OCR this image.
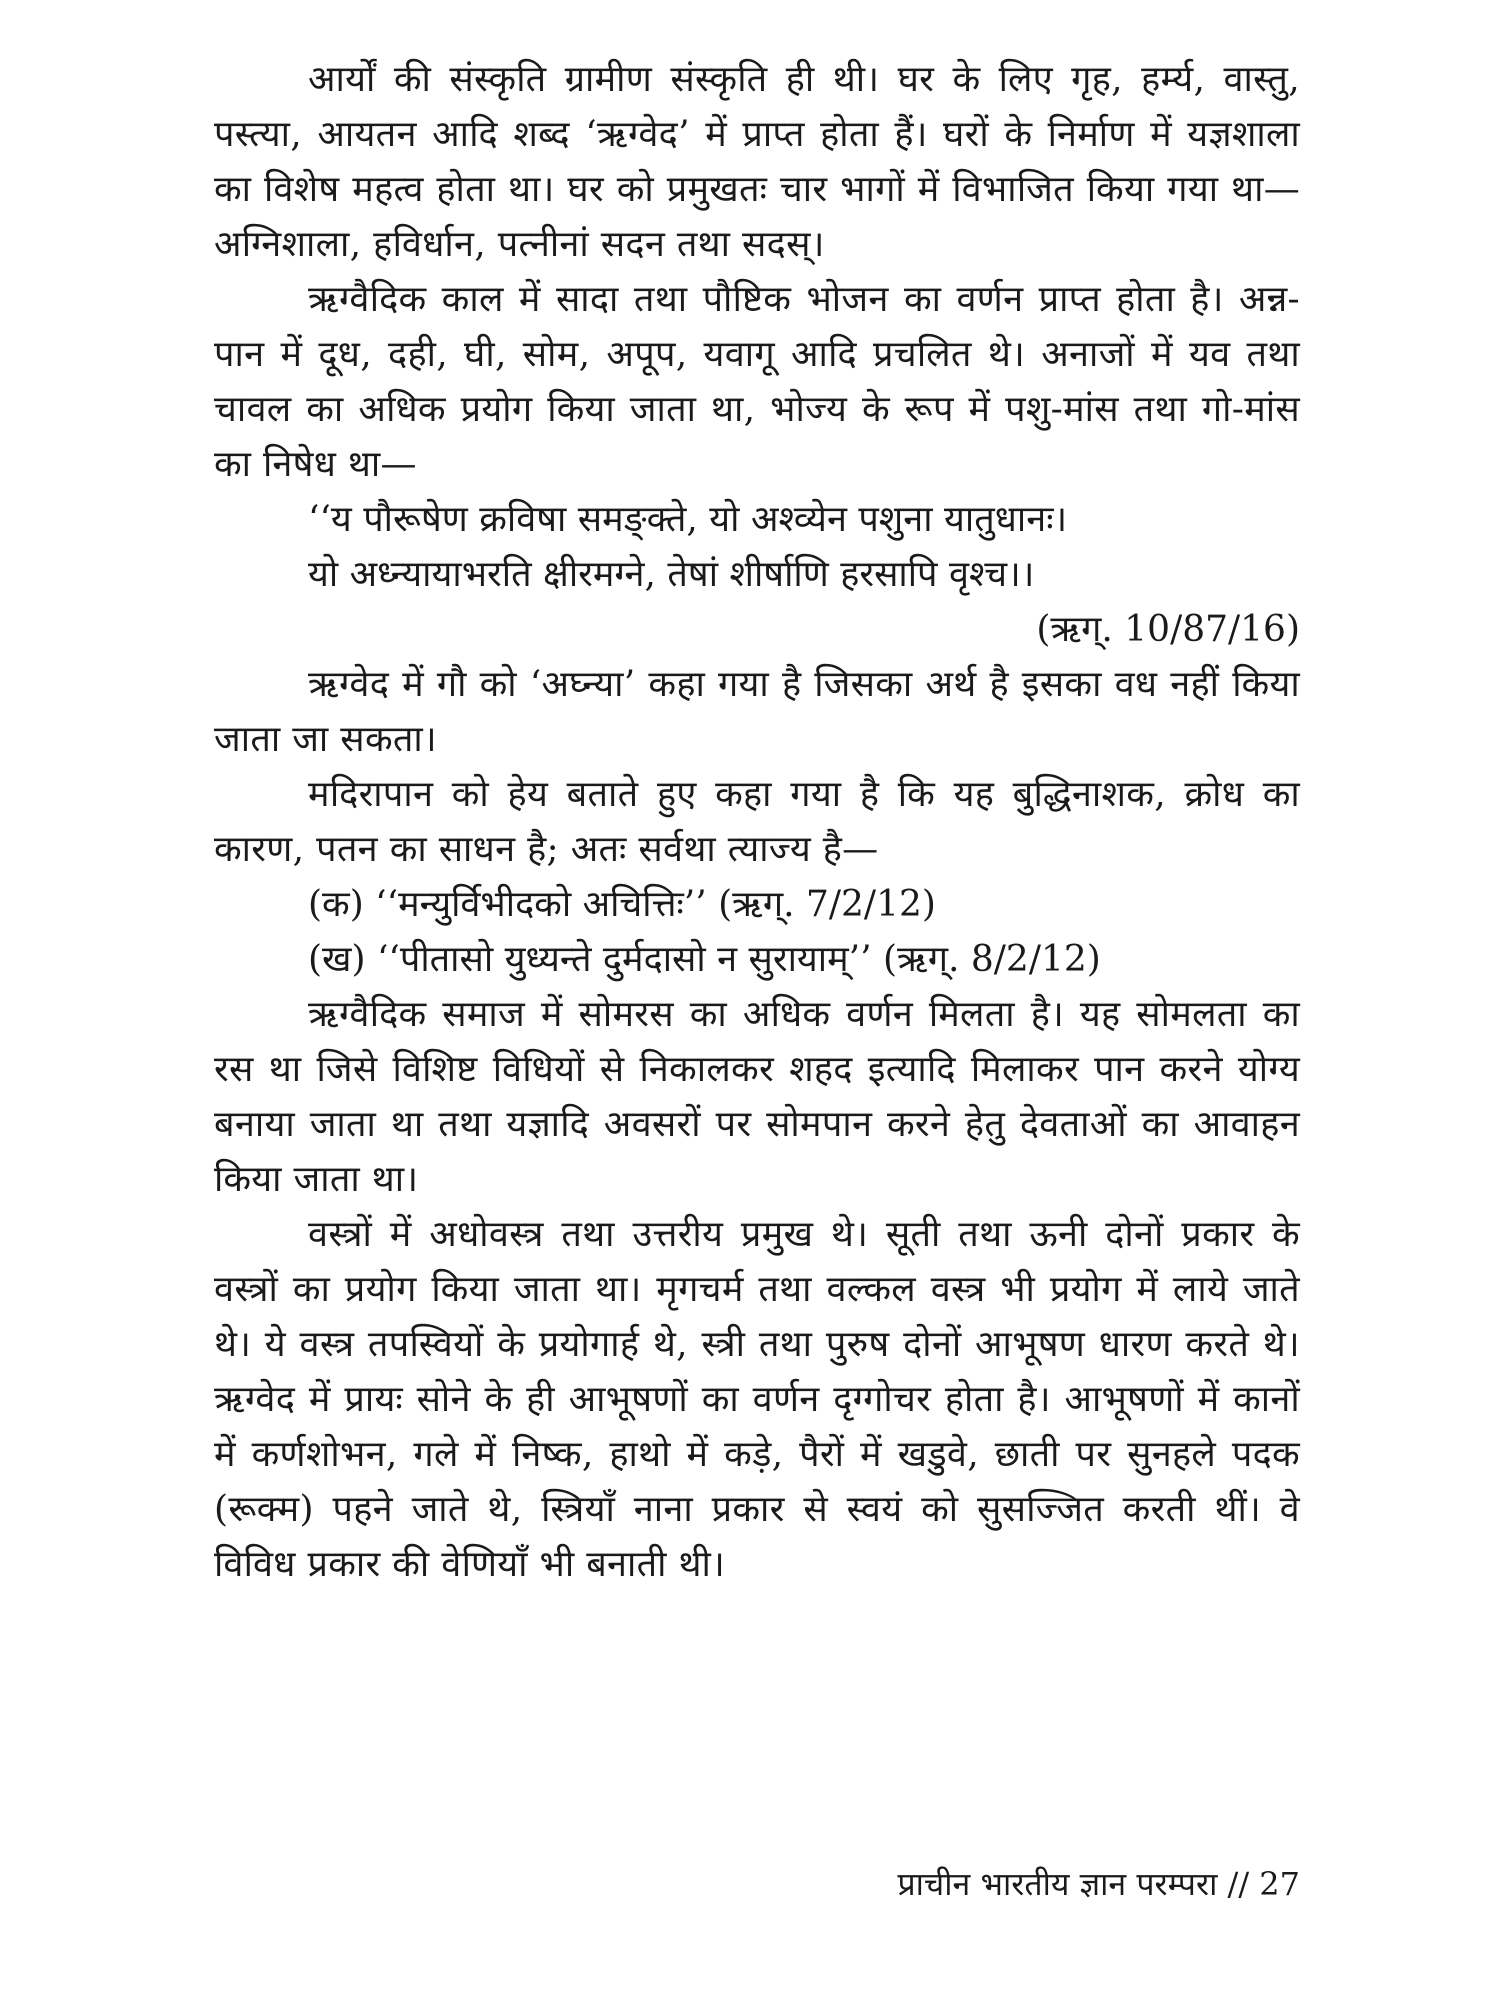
आर्यों की संस्कृति ग्रामीण संस्कृति ही थी। घर के लिए गृह, हर्म्य, वास्तु, पस्त्या, आयतन आदि शब्द ‘ऋग्वेद’ में प्राप्त होता हैं। घरों के निर्माण में यज्ञशाला का विशेष महत्व होता था। घर को प्रमुखतः चार भागों में विभाजित किया गया था—अग्निशाला, हविर्धान, पत्नीनां सदन तथा सदस्।

ऋग्वैदिक काल में सादा तथा पौष्टिक भोजन का वर्णन प्राप्त होता है। अन्न-पान में दूध, दही, घी, सोम, अपूप, यवागू आदि प्रचलित थे। अनाजों में यव तथा चावल का अधिक प्रयोग किया जाता था, भोज्य के रूप में पशु-मांस तथा गो-मांस का निषेध था—

‘‘य पौरूषेण क्रविषा समङ्क्ते, यो अश्व्येन पशुना यातुधानः।

यो अध्न्यायाभरति क्षीरमग्ने, तेषां शीर्षाणि हरसापि वृश्च।।

(ऋग्. 10/87/16)

ऋग्वेद में गौ को ‘अघ्न्या’ कहा गया है जिसका अर्थ है इसका वध नहीं किया जाता जा सकता।

मदिरापान को हेय बताते हुए कहा गया है कि यह बुद्धिनाशक, क्रोध का कारण, पतन का साधन है; अतः सर्वथा त्याज्य है—

(क) ‘‘मन्युर्विभीदको अचित्तिः’’ (ऋग्. 7/2/12)

(ख) ‘‘पीतासो युध्यन्ते दुर्मदासो न सुरायाम्’’ (ऋग्. 8/2/12)

ऋग्वैदिक समाज में सोमरस का अधिक वर्णन मिलता है। यह सोमलता का रस था जिसे विशिष्ट विधियों से निकालकर शहद इत्यादि मिलाकर पान करने योग्य बनाया जाता था तथा यज्ञादि अवसरों पर सोमपान करने हेतु देवताओं का आवाहन किया जाता था।

वस्त्रों में अधोवस्त्र तथा उत्तरीय प्रमुख थे। सूती तथा ऊनी दोनों प्रकार के वस्त्रों का प्रयोग किया जाता था। मृगचर्म तथा वल्कल वस्त्र भी प्रयोग में लाये जाते थे। ये वस्त्र तपस्वियों के प्रयोगार्ह थे, स्त्री तथा पुरुष दोनों आभूषण धारण करते थे। ऋग्वेद में प्रायः सोने के ही आभूषणों का वर्णन दृग्गोचर होता है। आभूषणों में कानों में कर्णशोभन, गले में निष्क, हाथो में कड़े, पैरों में खडुवे, छाती पर सुनहले पदक (रूक्म) पहने जाते थे, स्त्रियाँ नाना प्रकार से स्वयं को सुसज्जित करती थीं। वे विविध प्रकार की वेणियाँ भी बनाती थी।

प्राचीन भारतीय ज्ञान परम्परा // 27
